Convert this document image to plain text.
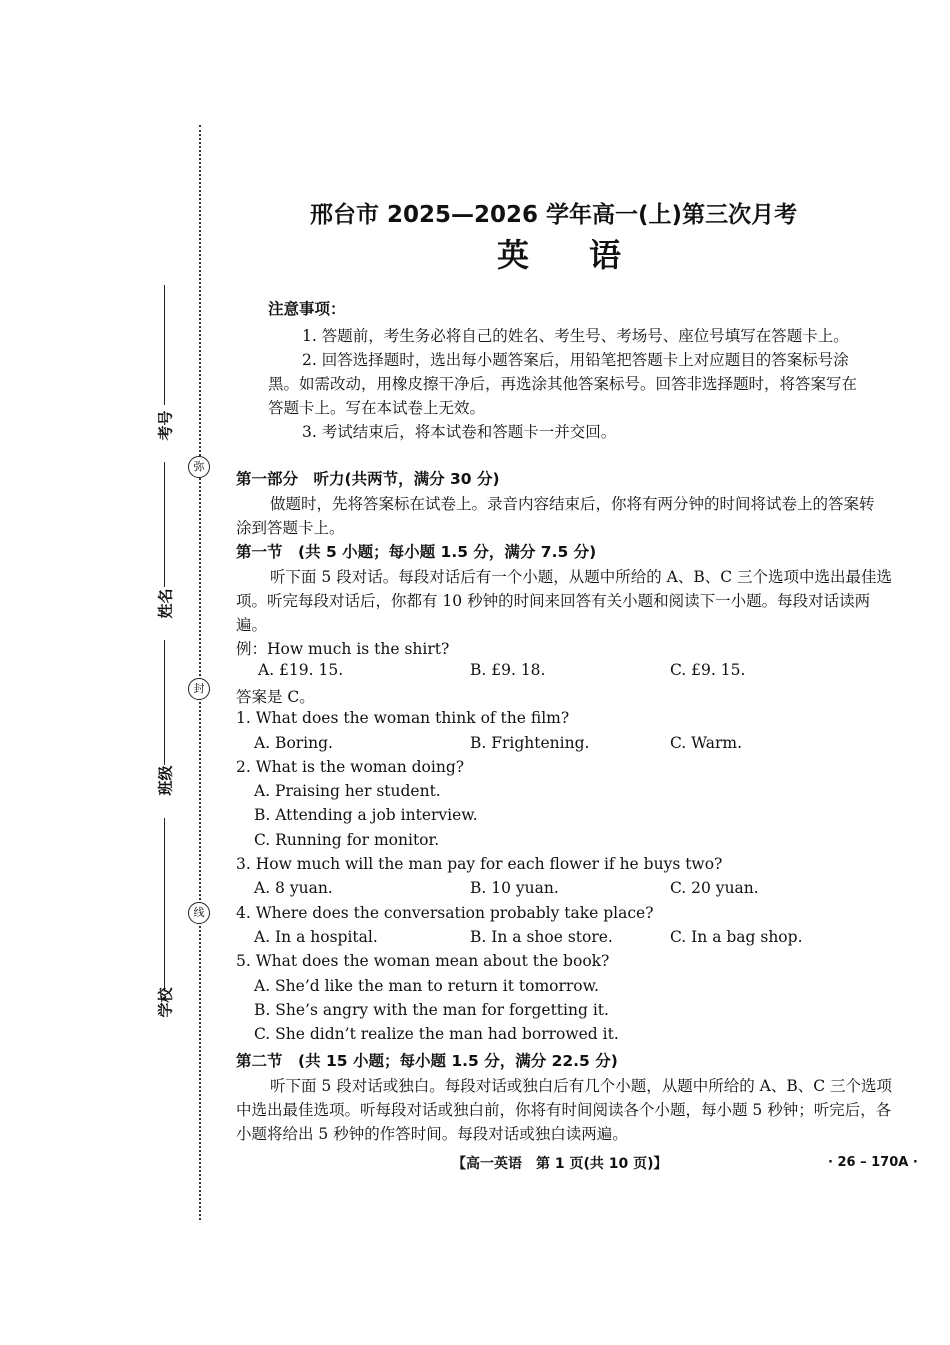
弥
封
线
考号
姓名
班级
学校
邢台市 2025—2026 学年高一(上)第三次月考
英语
注意事项：
1. 答题前，考生务必将自己的姓名、考生号、考场号、座位号填写在答题卡上。
2. 回答选择题时，选出每小题答案后，用铅笔把答题卡上对应题目的答案标号涂
黑。如需改动，用橡皮擦干净后，再选涂其他答案标号。回答非选择题时，将答案写在
答题卡上。写在本试卷上无效。
3. 考试结束后，将本试卷和答题卡一并交回。
第一部分　听力(共两节，满分 30 分)
做题时，先将答案标在试卷上。录音内容结束后，你将有两分钟的时间将试卷上的答案转
涂到答题卡上。
第一节　(共 5 小题；每小题 1.5 分，满分 7.5 分)
听下面 5 段对话。每段对话后有一个小题，从题中所给的 A、B、C 三个选项中选出最佳选
项。听完每段对话后，你都有 10 秒钟的时间来回答有关小题和阅读下一小题。每段对话读两
遍。
例：How much is the shirt?
A. £19. 15.	B. £9. 18.	C. £9. 15.
答案是 C。
1. What does the woman think of the film?
A. Boring.	B. Frightening.	C. Warm.
2. What is the woman doing?
A. Praising her student.
B. Attending a job interview.
C. Running for monitor.
3. How much will the man pay for each flower if he buys two?
A. 8 yuan.	B. 10 yuan.	C. 20 yuan.
4. Where does the conversation probably take place?
A. In a hospital.	B. In a shoe store.	C. In a bag shop.
5. What does the woman mean about the book?
A. She’d like the man to return it tomorrow.
B. She’s angry with the man for forgetting it.
C. She didn’t realize the man had borrowed it.
第二节　(共 15 小题；每小题 1.5 分，满分 22.5 分)
听下面 5 段对话或独白。每段对话或独白后有几个小题，从题中所给的 A、B、C 三个选项
中选出最佳选项。听每段对话或独白前，你将有时间阅读各个小题，每小题 5 秒钟；听完后，各
小题将给出 5 秒钟的作答时间。每段对话或独白读两遍。
【高一英语　第 1 页(共 10 页)】	· 26 – 170A ·
